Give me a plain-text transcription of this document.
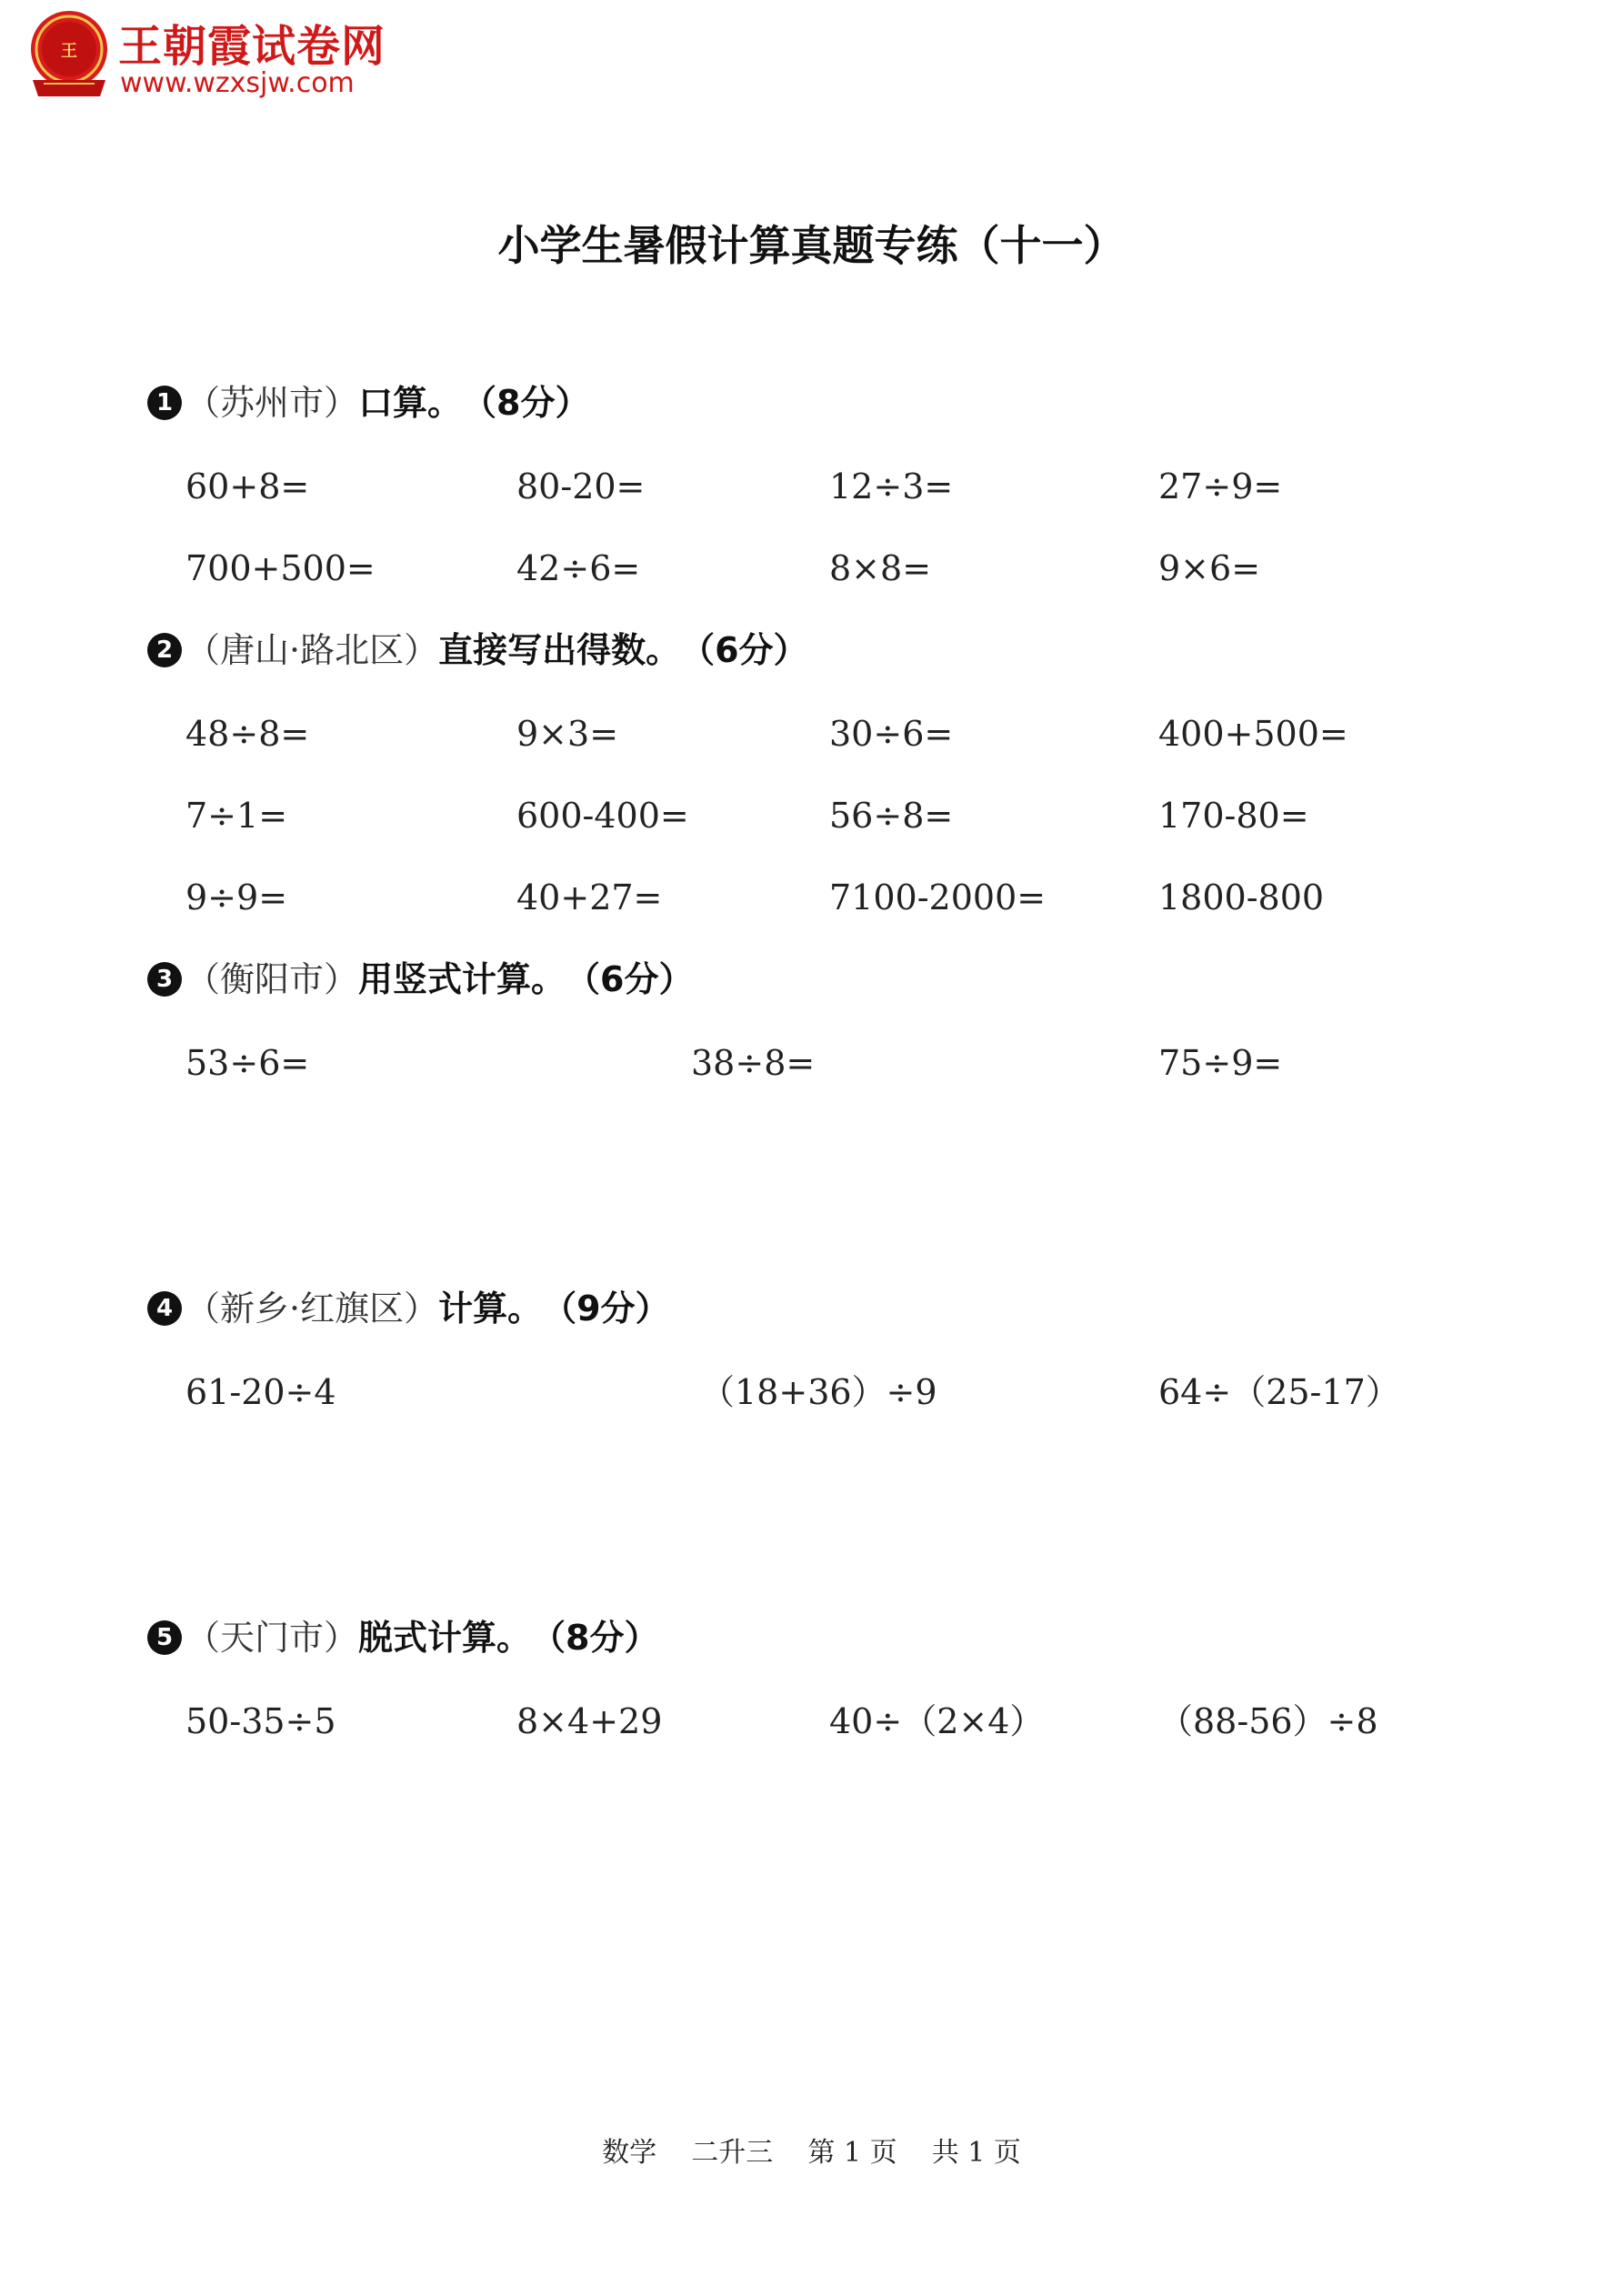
王 王朝霞试卷网
www.wzxsjw.com
小学生暑假计算真题专练（十一）
1 （苏州市） 口算。 （8分）
60+8=	80-20=	12÷3=	27÷9=
700+500=	42÷6=	8×8=	9×6=
2 （唐山·路北区） 直接写出得数。 （6分）
48÷8=	9×3=	30÷6=	400+500=
7÷1=	600-400=	56÷8=	170-80=
9÷9=	40+27=	7100-2000=	1800-800
3 （衡阳市） 用竖式计算。 （6分）
53÷6=	38÷8=	75÷9=
4 （新乡·红旗区） 计算。 （9分）
61-20÷4	（18+36）÷9	64÷（25-17）
5 （天门市） 脱式计算。 （8分）
50-35÷5	8×4+29	40÷（2×4）	（88-56）÷8
数学 二升三 第 1 页 共 1 页
